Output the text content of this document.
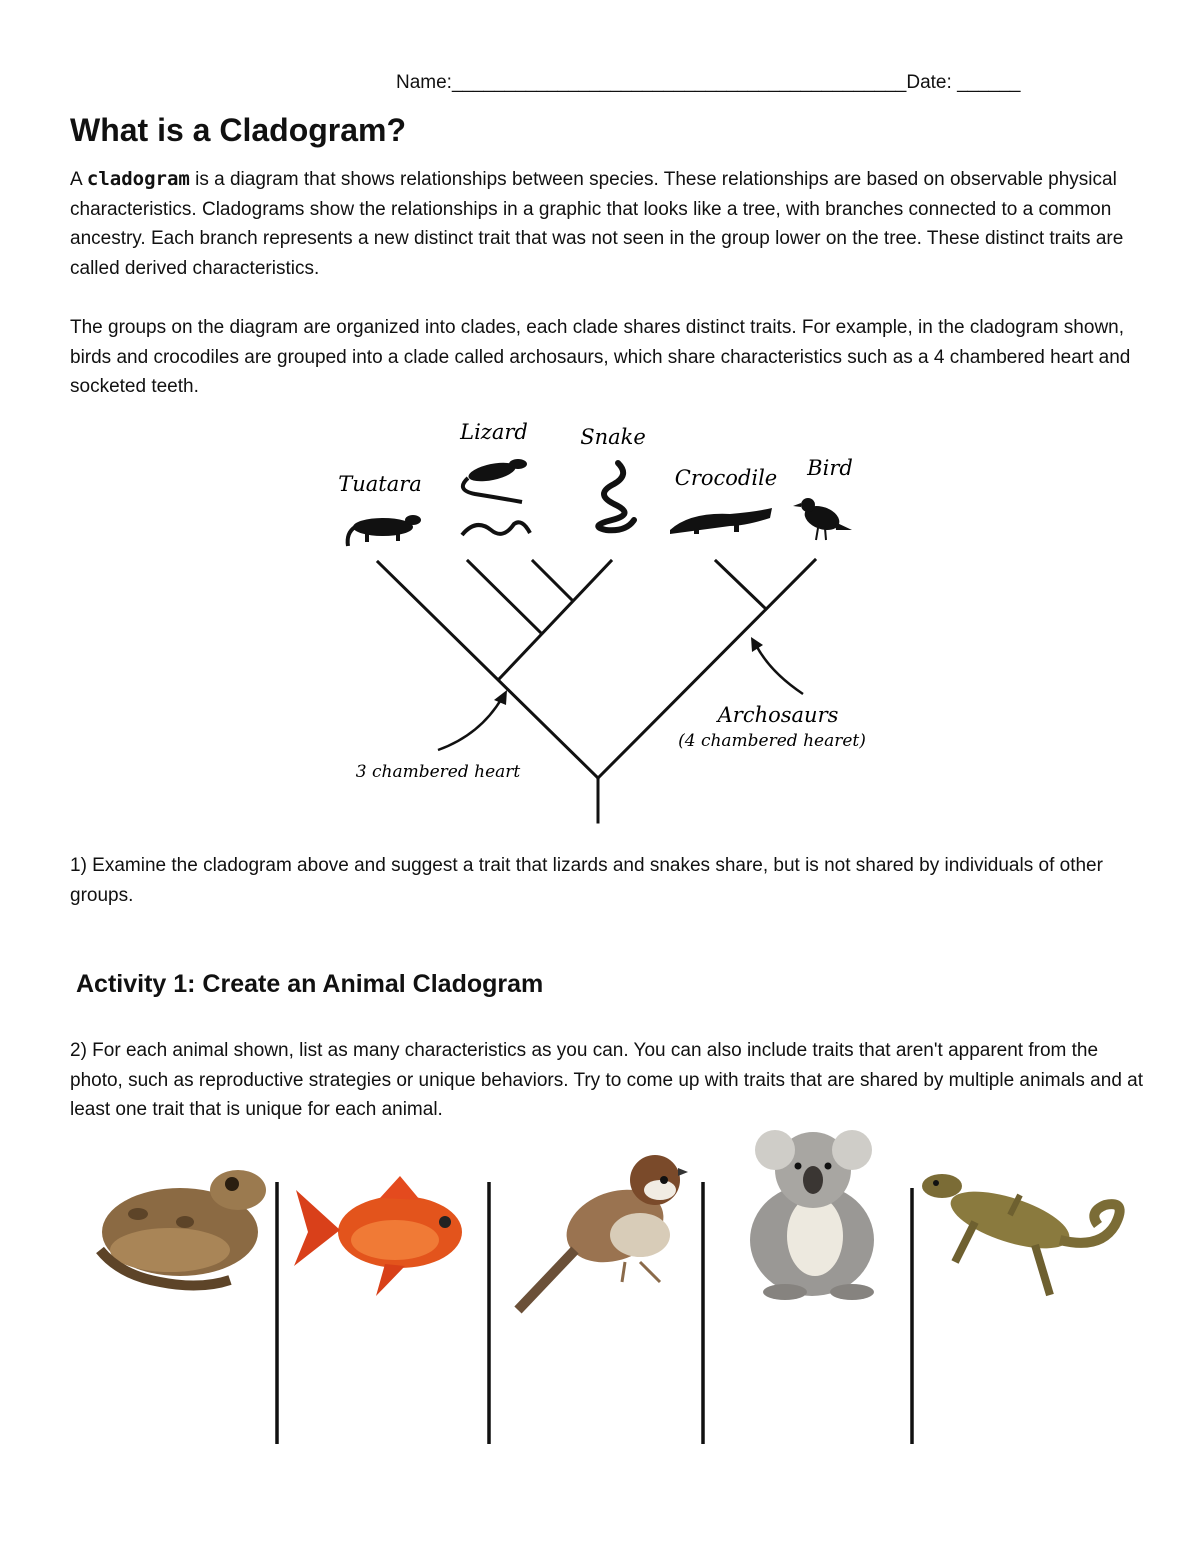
Name:___________________________________________Date: ______
What is a Cladogram?

A cladogram is a diagram that shows relationships between species. These relationships are based on observable physical characteristics. Cladograms show the relationships in a graphic that looks like a tree, with branches connected to a common ancestry. Each branch represents a new distinct trait that was not seen in the group lower on the tree. These distinct traits are called derived characteristics.

The groups on the diagram are organized into clades, each clade shares distinct traits. For example, in the cladogram shown, birds and crocodiles are grouped into a clade called archosaurs, which share characteristics such as a 4 chambered heart and socketed teeth.

Tuatara
Lizard Snake
Crocodile Bird
3 chambered heart
Archosaurs
(4 chambered hearet)

1) Examine the cladogram above and suggest a trait that lizards and snakes share, but is not shared by individuals of other groups.

Activity 1: Create an Animal Cladogram

2) For each animal shown, list as many characteristics as you can. You can also include traits that aren't apparent from the photo, such as reproductive strategies or unique behaviors. Try to come up with traits that are shared by multiple animals and at least one trait that is unique for each animal.
